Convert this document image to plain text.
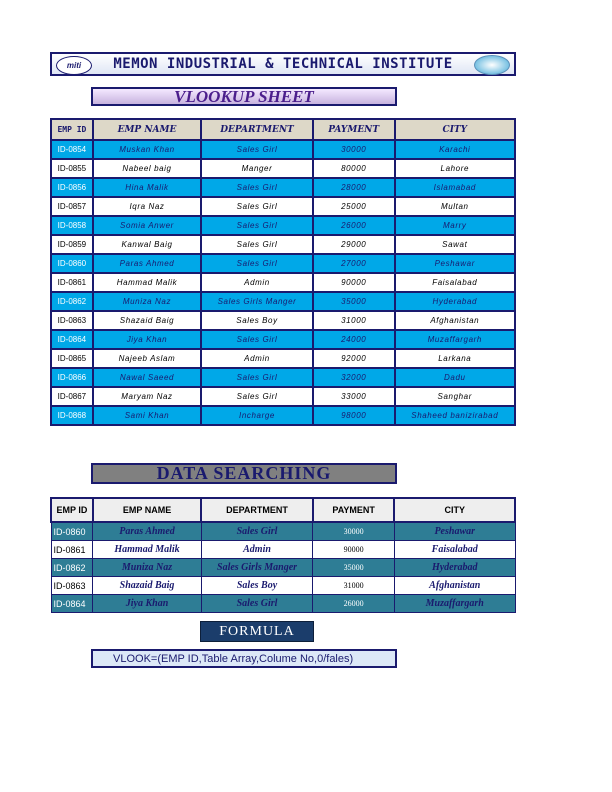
miti	MEMON INDUSTRIAL & TECHNICAL INSTITUTE
VLOOKUP SHEET
EMP ID	EMP NAME	DEPARTMENT	PAYMENT	CITY
ID-0854	Muskan Khan	Sales Girl	30000	Karachi
ID-0855	Nabeel baig	Manger	80000	Lahore
ID-0856	Hina Malik	Sales Girl	28000	Islamabad
ID-0857	Iqra Naz	Sales Girl	25000	Multan
ID-0858	Somia Anwer	Sales Girl	26000	Marry
ID-0859	Kanwal Baig	Sales Girl	29000	Sawat
ID-0860	Paras Ahmed	Sales Girl	27000	Peshawar
ID-0861	Hammad Malik	Admin	90000	Faisalabad
ID-0862	Muniza Naz	Sales Girls Manger	35000	Hyderabad
ID-0863	Shazaid Baig	Sales Boy	31000	Afghanistan
ID-0864	Jiya Khan	Sales Girl	24000	Muzaffargarh
ID-0865	Najeeb Aslam	Admin	92000	Larkana
ID-0866	Nawal Saeed	Sales Girl	32000	Dadu
ID-0867	Maryam Naz	Sales Girl	33000	Sanghar
ID-0868	Sami Khan	Incharge	98000	Shaheed banizirabad
DATA SEARCHING
EMP ID	EMP NAME	DEPARTMENT	PAYMENT	CITY
ID-0860	Paras Ahmed	Sales Girl	30000	Peshawar
ID-0861	Hammad Malik	Admin	90000	Faisalabad
ID-0862	Muniza Naz	Sales Girls Manger	35000	Hyderabad
ID-0863	Shazaid Baig	Sales Boy	31000	Afghanistan
ID-0864	Jiya Khan	Sales Girl	26000	Muzaffargarh
FORMULA
VLOOK=(EMP ID,Table Array,Colume No,0/fales)
